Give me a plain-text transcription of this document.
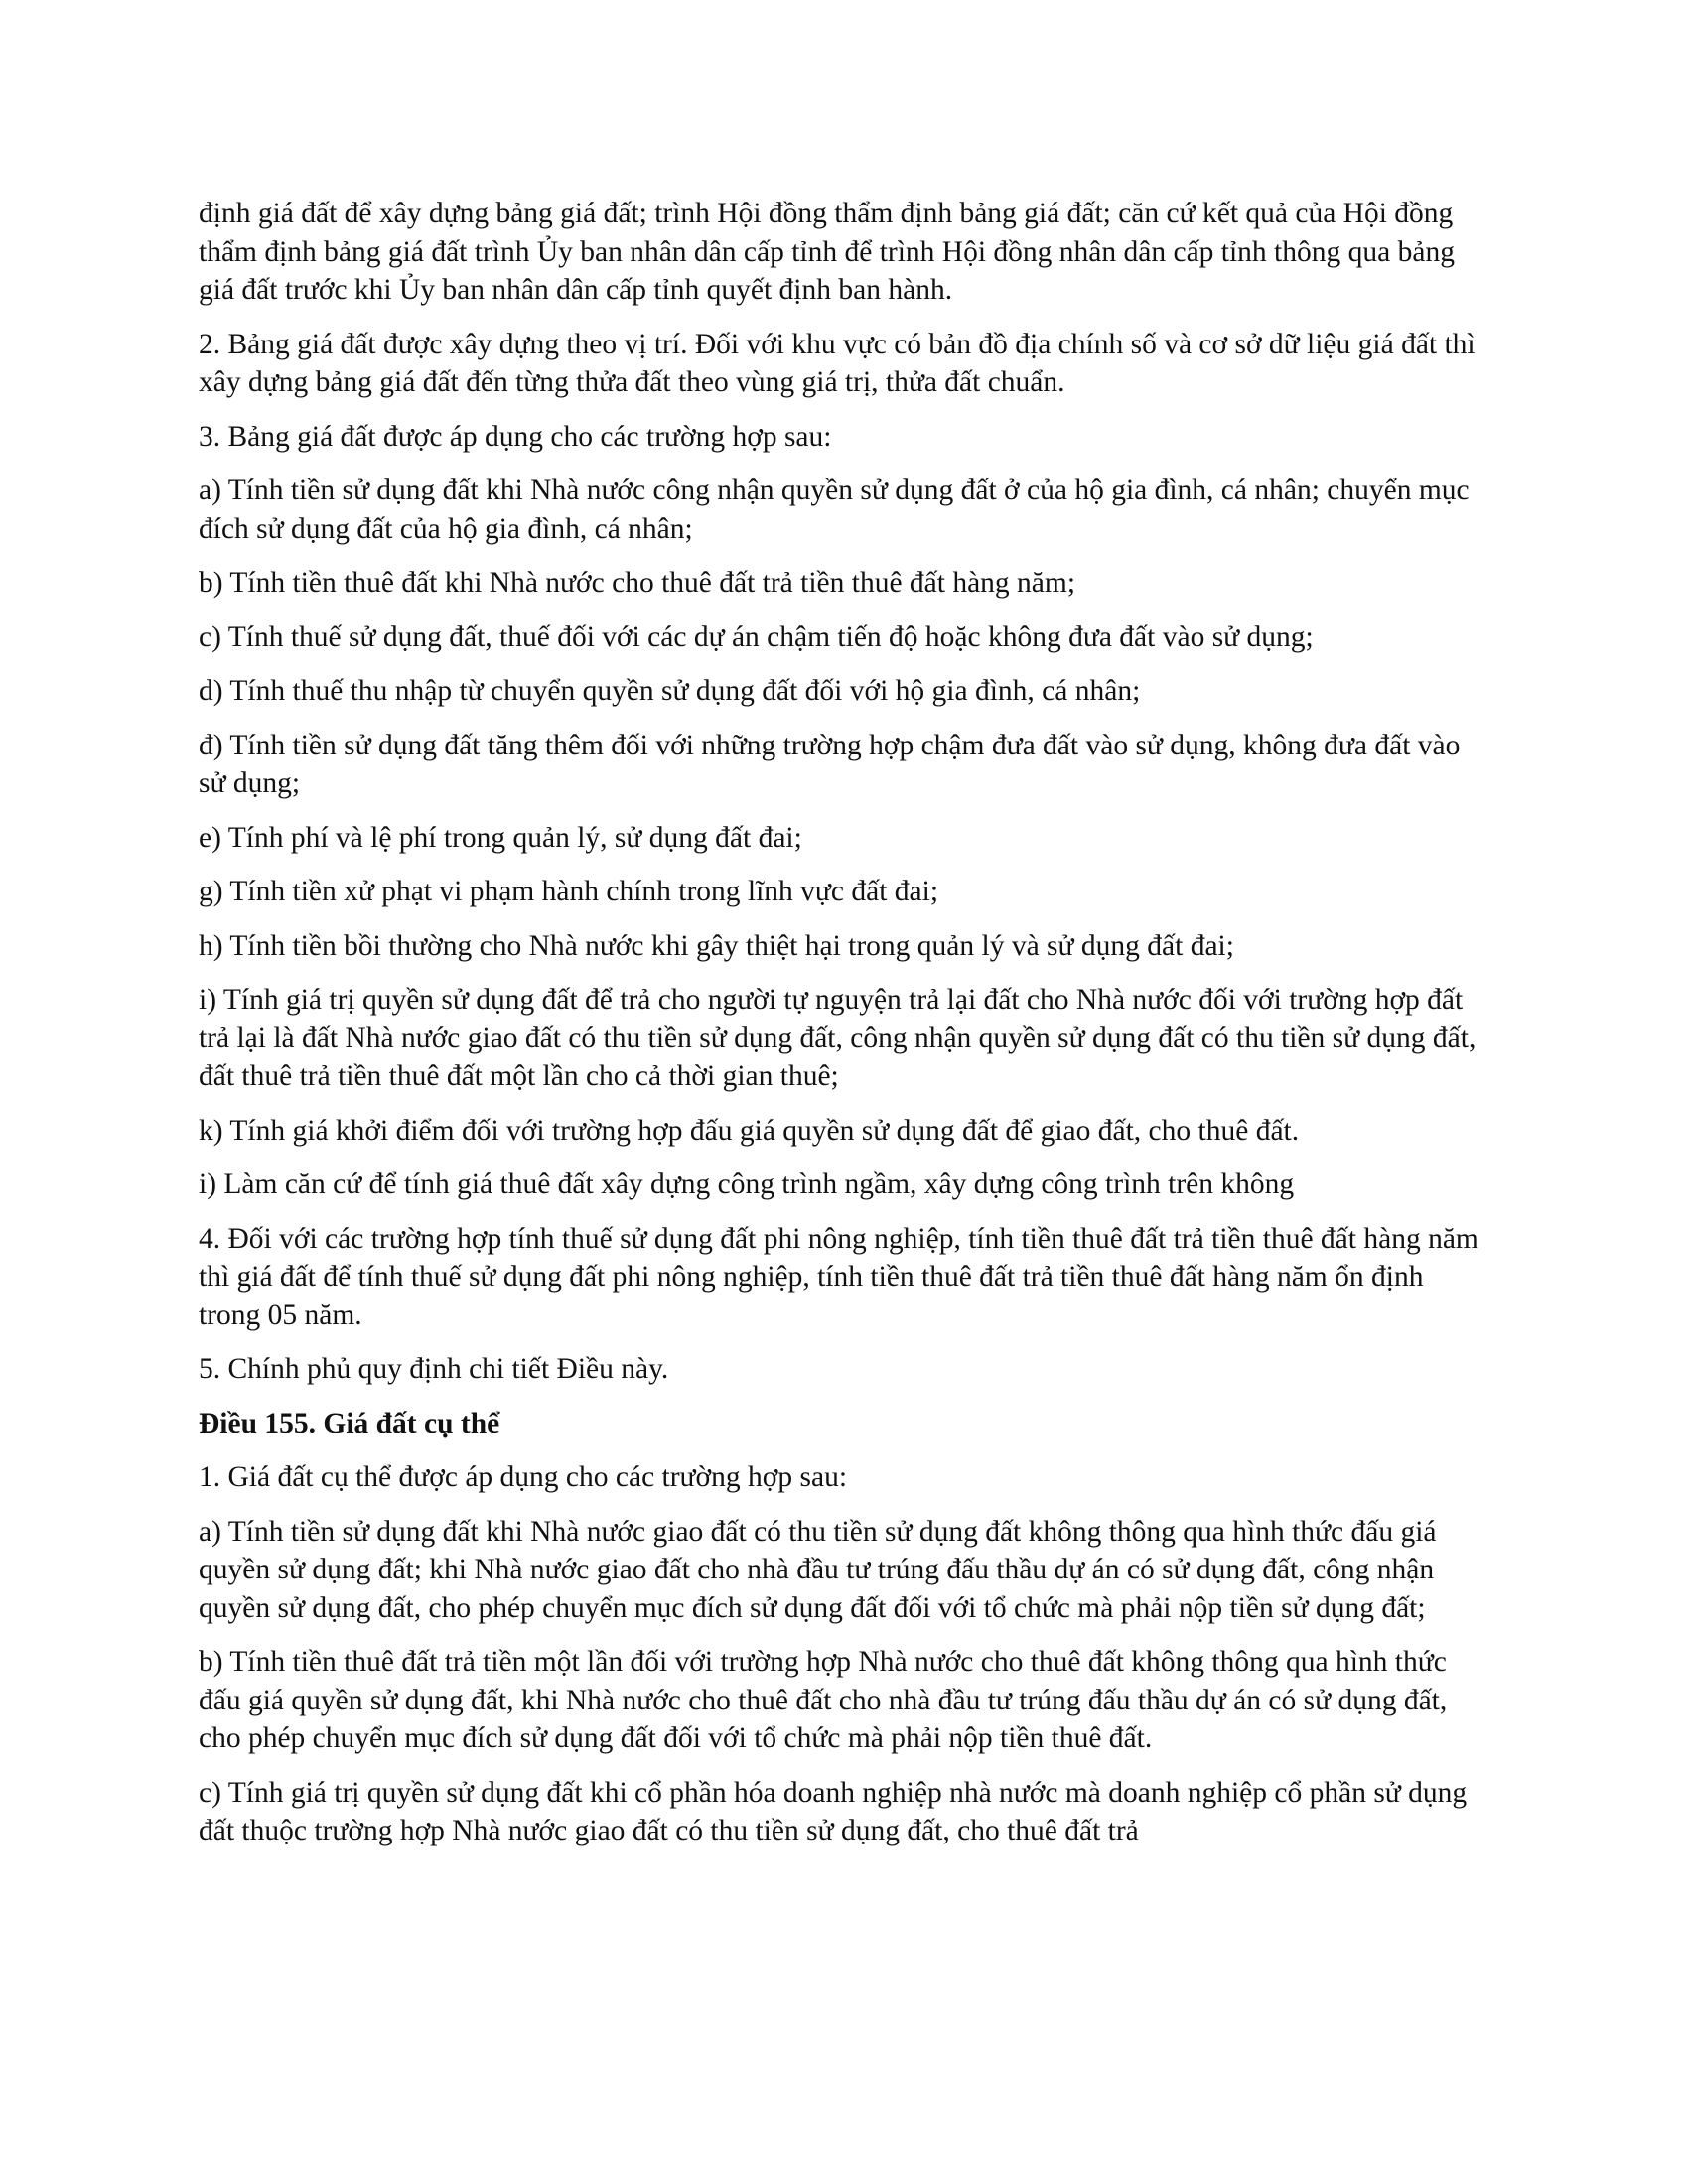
định giá đất để xây dựng bảng giá đất; trình Hội đồng thẩm định bảng giá đất; căn cứ kết quả của Hội đồng thẩm định bảng giá đất trình Ủy ban nhân dân cấp tỉnh để trình Hội đồng nhân dân cấp tỉnh thông qua bảng giá đất trước khi Ủy ban nhân dân cấp tỉnh quyết định ban hành.

2. Bảng giá đất được xây dựng theo vị trí. Đối với khu vực có bản đồ địa chính số và cơ sở dữ liệu giá đất thì xây dựng bảng giá đất đến từng thửa đất theo vùng giá trị, thửa đất chuẩn.

3. Bảng giá đất được áp dụng cho các trường hợp sau:

a) Tính tiền sử dụng đất khi Nhà nước công nhận quyền sử dụng đất ở của hộ gia đình, cá nhân; chuyển mục đích sử dụng đất của hộ gia đình, cá nhân;

b) Tính tiền thuê đất khi Nhà nước cho thuê đất trả tiền thuê đất hàng năm;

c) Tính thuế sử dụng đất, thuế đối với các dự án chậm tiến độ hoặc không đưa đất vào sử dụng;

d) Tính thuế thu nhập từ chuyển quyền sử dụng đất đối với hộ gia đình, cá nhân;

đ) Tính tiền sử dụng đất tăng thêm đối với những trường hợp chậm đưa đất vào sử dụng, không đưa đất vào sử dụng;

e) Tính phí và lệ phí trong quản lý, sử dụng đất đai;

g) Tính tiền xử phạt vi phạm hành chính trong lĩnh vực đất đai;

h) Tính tiền bồi thường cho Nhà nước khi gây thiệt hại trong quản lý và sử dụng đất đai;

i) Tính giá trị quyền sử dụng đất để trả cho người tự nguyện trả lại đất cho Nhà nước đối với trường hợp đất trả lại là đất Nhà nước giao đất có thu tiền sử dụng đất, công nhận quyền sử dụng đất có thu tiền sử dụng đất, đất thuê trả tiền thuê đất một lần cho cả thời gian thuê;

k) Tính giá khởi điểm đối với trường hợp đấu giá quyền sử dụng đất để giao đất, cho thuê đất.

i) Làm căn cứ để tính giá thuê đất xây dựng công trình ngầm, xây dựng công trình trên không

4. Đối với các trường hợp tính thuế sử dụng đất phi nông nghiệp, tính tiền thuê đất trả tiền thuê đất hàng năm thì giá đất để tính thuế sử dụng đất phi nông nghiệp, tính tiền thuê đất trả tiền thuê đất hàng năm ổn định trong 05 năm.

5. Chính phủ quy định chi tiết Điều này.

Điều 155. Giá đất cụ thể

1. Giá đất cụ thể được áp dụng cho các trường hợp sau:

a) Tính tiền sử dụng đất khi Nhà nước giao đất có thu tiền sử dụng đất không thông qua hình thức đấu giá quyền sử dụng đất; khi Nhà nước giao đất cho nhà đầu tư trúng đấu thầu dự án có sử dụng đất, công nhận quyền sử dụng đất, cho phép chuyển mục đích sử dụng đất đối với tổ chức mà phải nộp tiền sử dụng đất;

b) Tính tiền thuê đất trả tiền một lần đối với trường hợp Nhà nước cho thuê đất không thông qua hình thức đấu giá quyền sử dụng đất, khi Nhà nước cho thuê đất cho nhà đầu tư trúng đấu thầu dự án có sử dụng đất, cho phép chuyển mục đích sử dụng đất đối với tổ chức mà phải nộp tiền thuê đất.

c) Tính giá trị quyền sử dụng đất khi cổ phần hóa doanh nghiệp nhà nước mà doanh nghiệp cổ phần sử dụng đất thuộc trường hợp Nhà nước giao đất có thu tiền sử dụng đất, cho thuê đất trả
